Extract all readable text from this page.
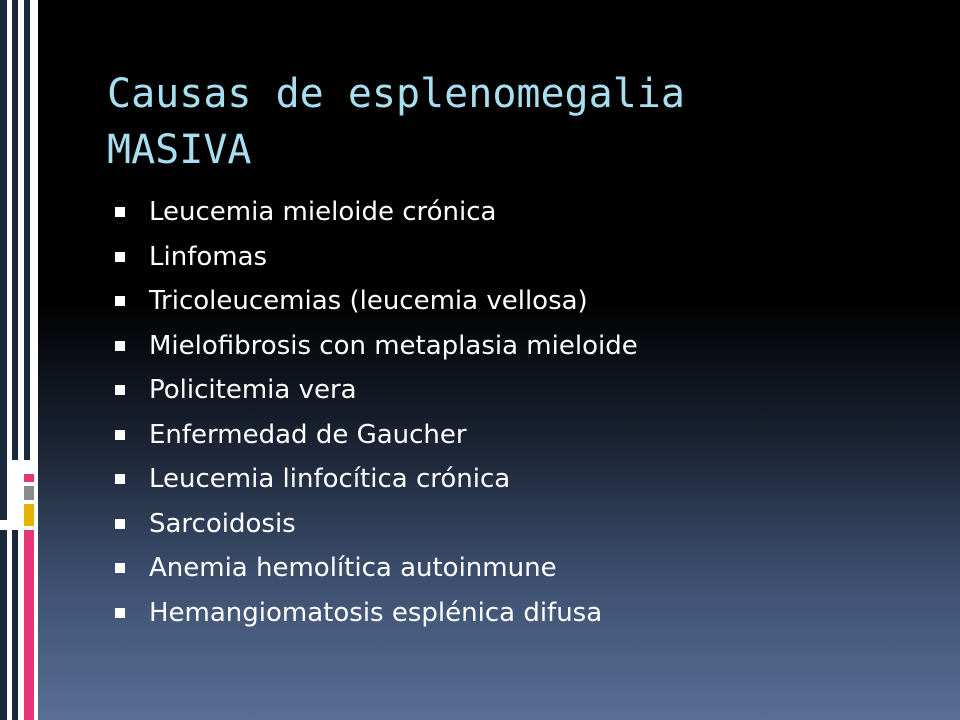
Causas de esplenomegalia
MASIVA
Leucemia mieloide crónica
Linfomas
Tricoleucemias (leucemia vellosa)
Mielofibrosis con metaplasia mieloide
Policitemia vera
Enfermedad de Gaucher
Leucemia linfocítica crónica
Sarcoidosis
Anemia hemolítica autoinmune
Hemangiomatosis esplénica difusa
